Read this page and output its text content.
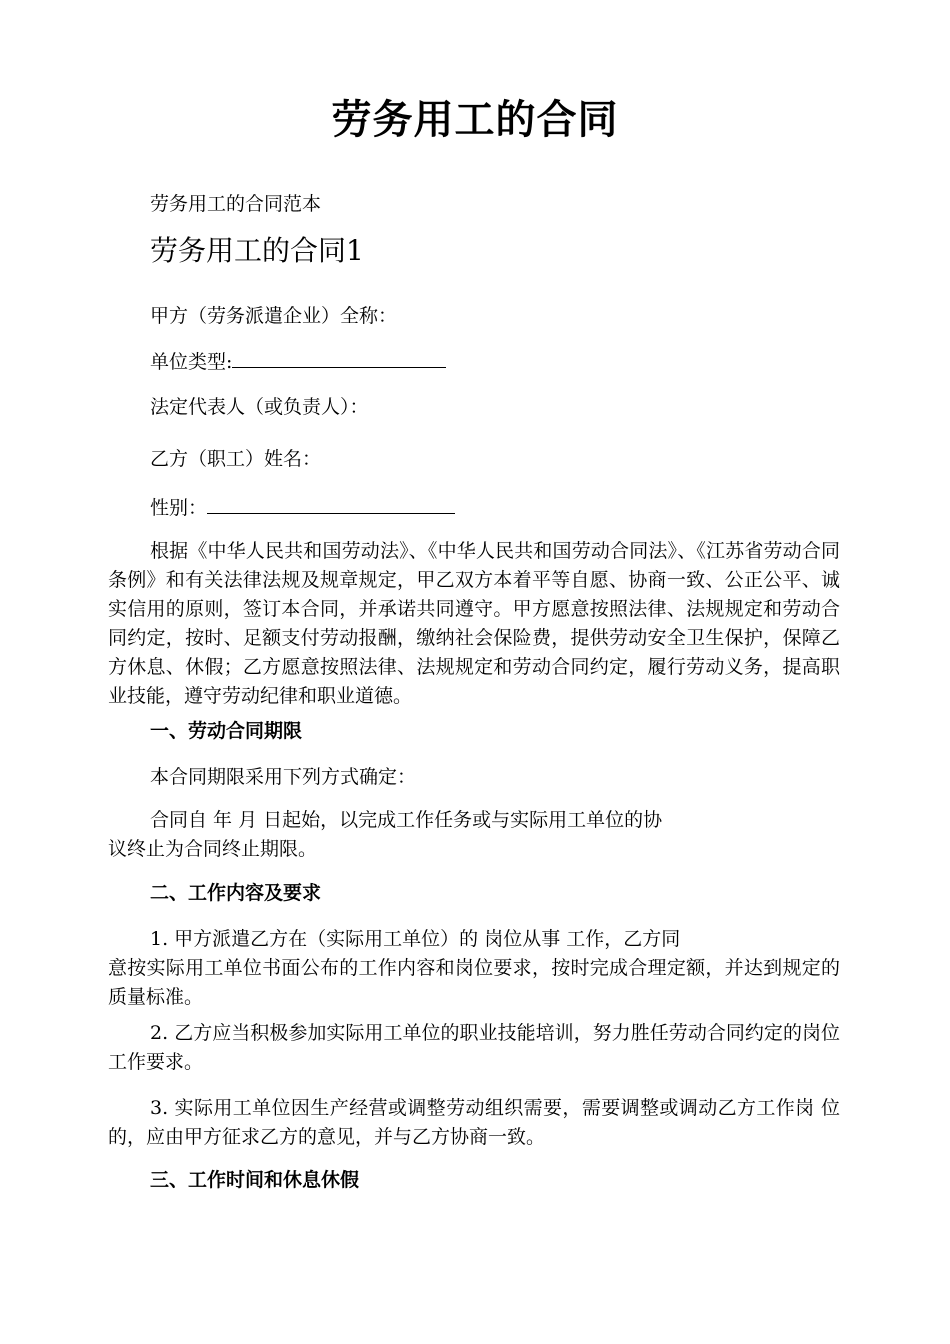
劳务用工的合同

劳务用工的合同范本

劳务用工的合同1

甲方（劳务派遣企业）全称：

单位类型:

法定代表人（或负责人）：

乙方（职工）姓名：

性别：

根据《中华人民共和国劳动法》、《中华人民共和国劳动合同法》、《江苏省劳动合同条例》和有关法律法规及规章规定，甲乙双方本着平等自愿、协商一致、公正公平、诚实信用的原则，签订本合同，并承诺共同遵守。甲方愿意按照法律、法规规定和劳动合同约定，按时、足额支付劳动报酬，缴纳社会保险费，提供劳动安全卫生保护，保障乙方休息、休假；乙方愿意按照法律、法规规定和劳动合同约定，履行劳动义务，提高职业技能，遵守劳动纪律和职业道德。

一、劳动合同期限

本合同期限采用下列方式确定：

合同自 年 月 日起始，以完成工作任务或与实际用工单位的协
议终止为合同终止期限。

二、工作内容及要求

1. 甲方派遣乙方在（实际用工单位）的 岗位从事 工作，乙方同
意按实际用工单位书面公布的工作内容和岗位要求，按时完成合理定额，并达到规定的质量标准。

2. 乙方应当积极参加实际用工单位的职业技能培训，努力胜任劳动合同约定的岗位工作要求。

3. 实际用工单位因生产经营或调整劳动组织需要，需要调整或调动乙方工作岗 位的，应由甲方征求乙方的意见，并与乙方协商一致。

三、工作时间和休息休假
